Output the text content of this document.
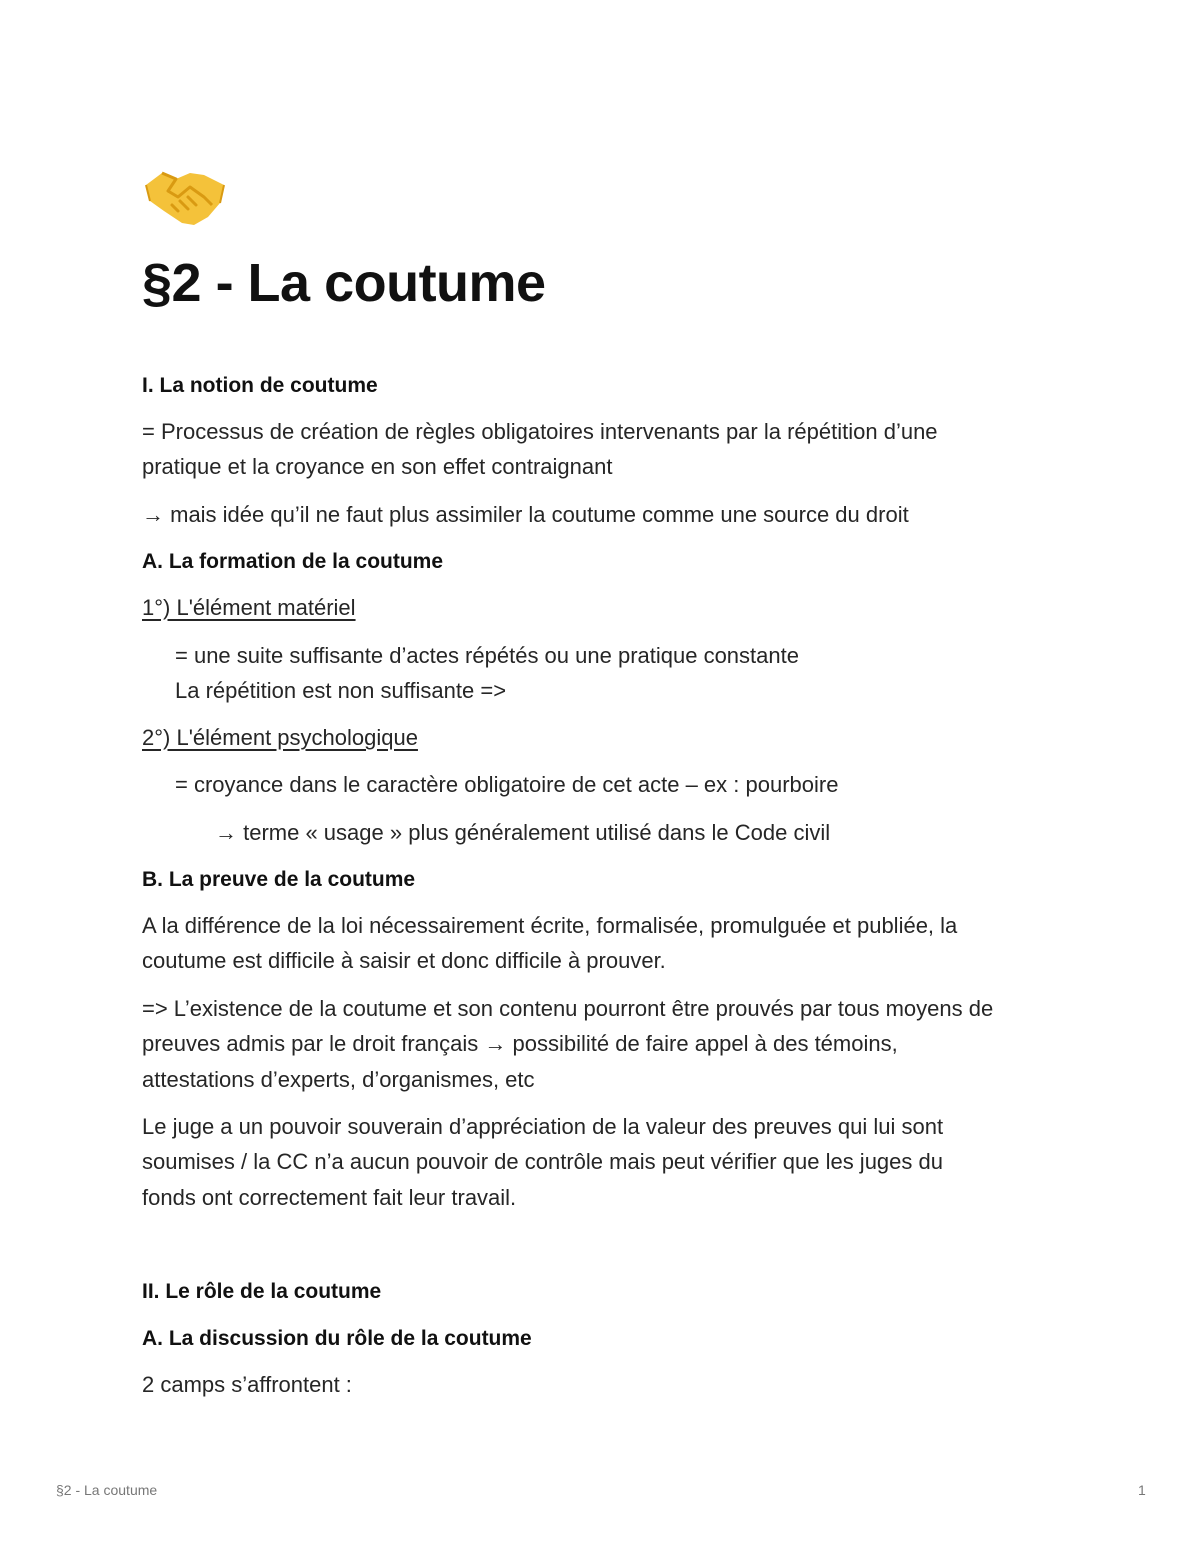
§2 - La coutume
I. La notion de coutume
= Processus de création de règles obligatoires intervenants par la répétition d’une
pratique et la croyance en son effet contraignant
→ mais idée qu’il ne faut plus assimiler la coutume comme une source du droit
A. La formation de la coutume
1°) L'élément matériel
= une suite suffisante d’actes répétés ou une pratique constante
La répétition est non suffisante =>
2°) L'élément psychologique
= croyance dans le caractère obligatoire de cet acte – ex : pourboire
→ terme « usage » plus généralement utilisé dans le Code civil
B. La preuve de la coutume
A la différence de la loi nécessairement écrite, formalisée, promulguée et publiée, la
coutume est difficile à saisir et donc difficile à prouver.
=> L’existence de la coutume et son contenu pourront être prouvés par tous moyens de
preuves admis par le droit français → possibilité de faire appel à des témoins,
attestations d’experts, d’organismes, etc
Le juge a un pouvoir souverain d’appréciation de la valeur des preuves qui lui sont
soumises / la CC n’a aucun pouvoir de contrôle mais peut vérifier que les juges du
fonds ont correctement fait leur travail.
II. Le rôle de la coutume
A. La discussion du rôle de la coutume
2 camps s’affrontent :
§2 - La coutume	1
